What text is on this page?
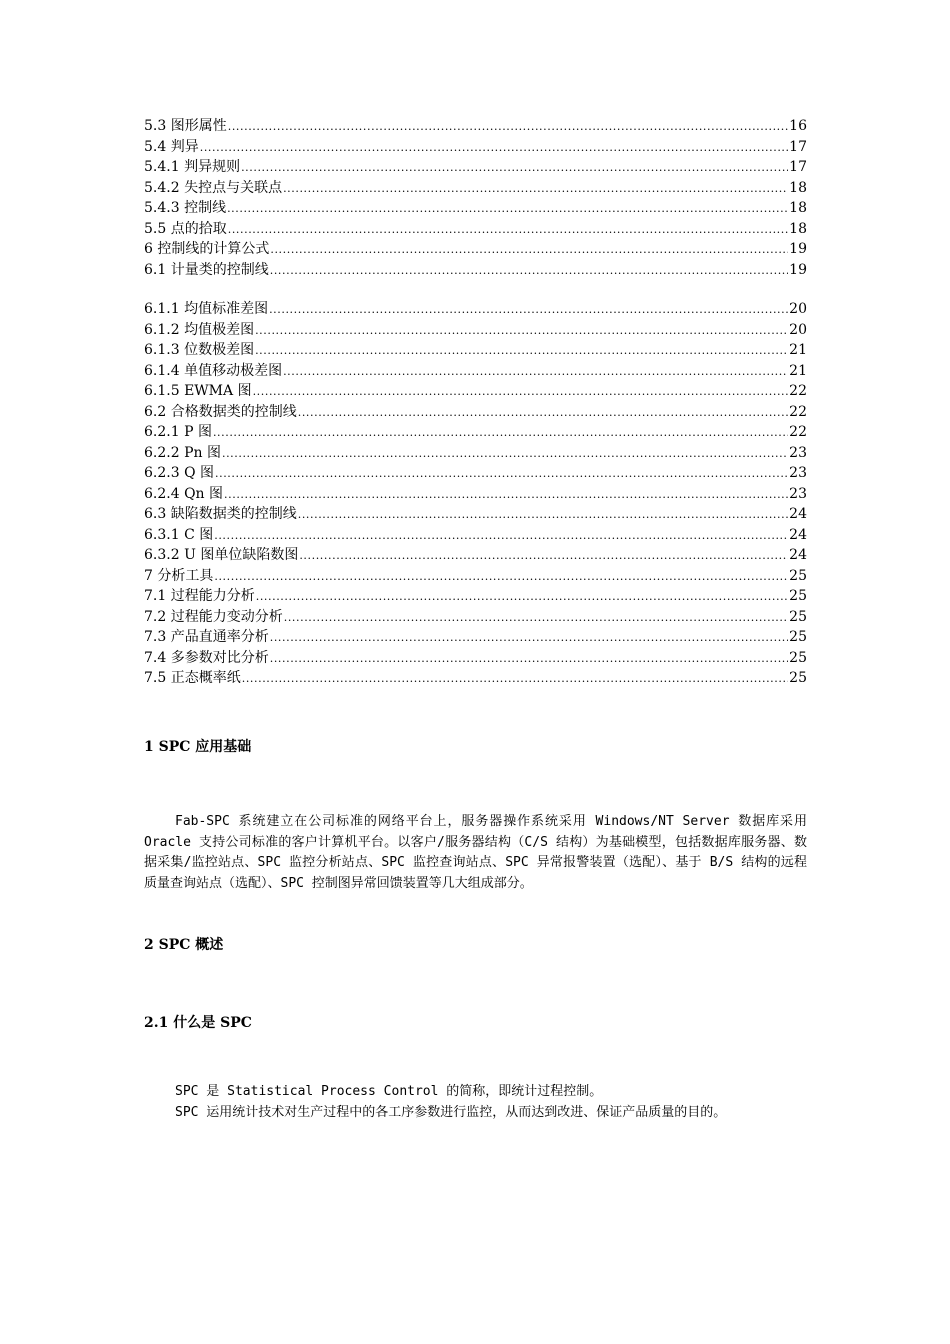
5.3 图形属性 .....	16
5.4 判异 .....	17
5.4.1 判异规则 .....	17
5.4.2 失控点与关联点 .....	18
5.4.3 控制线 .....	18
5.5 点的拾取 .....	18
6 控制线的计算公式 .....	19
6.1 计量类的控制线 .....	19
6.1.1 均值标准差图 .....	20
6.1.2 均值极差图 .....	20
6.1.3 位数极差图 .....	21
6.1.4 单值移动极差图 .....	21
6.1.5 EWMA 图 .....	22
6.2 合格数据类的控制线 .....	22
6.2.1 P 图 .....	22
6.2.2 Pn 图 .....	23
6.2.3 Q 图 .....	23
6.2.4 Qn 图 .....	23
6.3 缺陷数据类的控制线 .....	24
6.3.1 C 图 .....	24
6.3.2 U 图单位缺陷数图 .....	24
7 分析工具 .....	25
7.1 过程能力分析 .....	25
7.2 过程能力变动分析 .....	25
7.3 产品直通率分析 .....	25
7.4 多参数对比分析 .....	25
7.5 正态概率纸 .....	25
1 SPC 应用基础
Fab-SPC 系统建立在公司标准的网络平台上，服务器操作系统采用 Windows/NT Server 数据库采用 Oracle 支持公司标准的客户计算机平台。以客户/服务器结构（C/S 结构）为基础模型，包括数据库服务器、数据采集/监控站点、SPC 监控分析站点、SPC 监控查询站点、SPC 异常报警装置（选配）、基于 B/S 结构的远程质量查询站点（选配）、SPC 控制图异常回馈装置等几大组成部分。
2 SPC 概述
2.1 什么是 SPC
SPC 是 Statistical Process Control 的简称，即统计过程控制。
SPC 运用统计技术对生产过程中的各工序参数进行监控，从而达到改进、保证产品质量的目的。
